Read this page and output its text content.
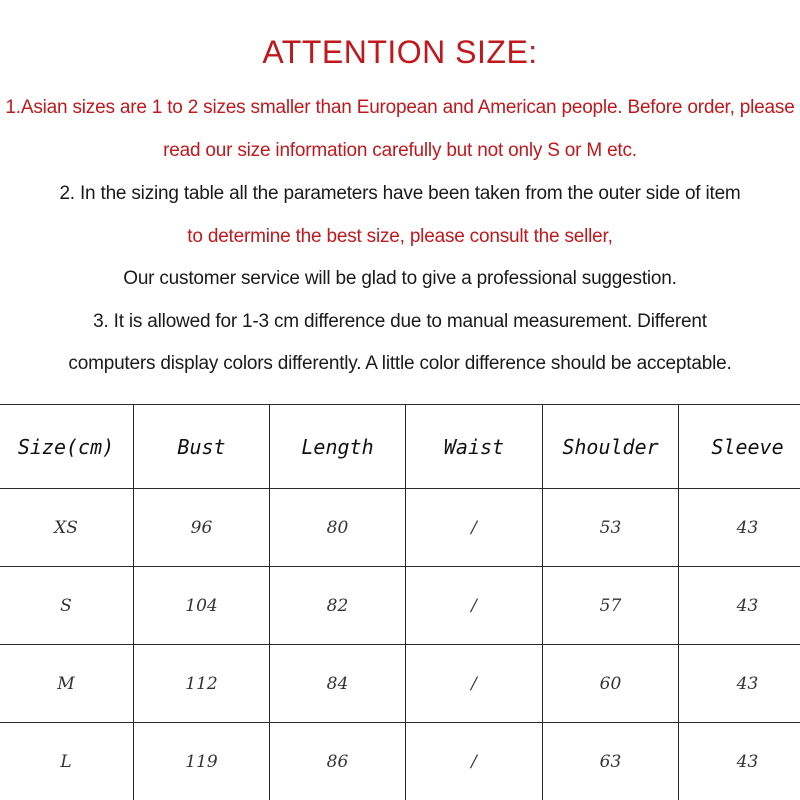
ATTENTION SIZE:
1.Asian sizes are 1 to 2 sizes smaller than European and American people. Before order, please
read our size information carefully but not only S or M etc.
2. In the sizing table all the parameters have been taken from the outer side of item
to determine the best size, please consult the seller,
Our customer service will be glad to give a professional suggestion.
3. It is allowed for 1-3 cm difference due to manual measurement. Different
computers display colors differently. A little color difference should be acceptable.
Size(cm)	Bust	Length	Waist	Shoulder	Sleeve
XS	96	80	/	53	43
S	104	82	/	57	43
M	112	84	/	60	43
L	119	86	/	63	43
